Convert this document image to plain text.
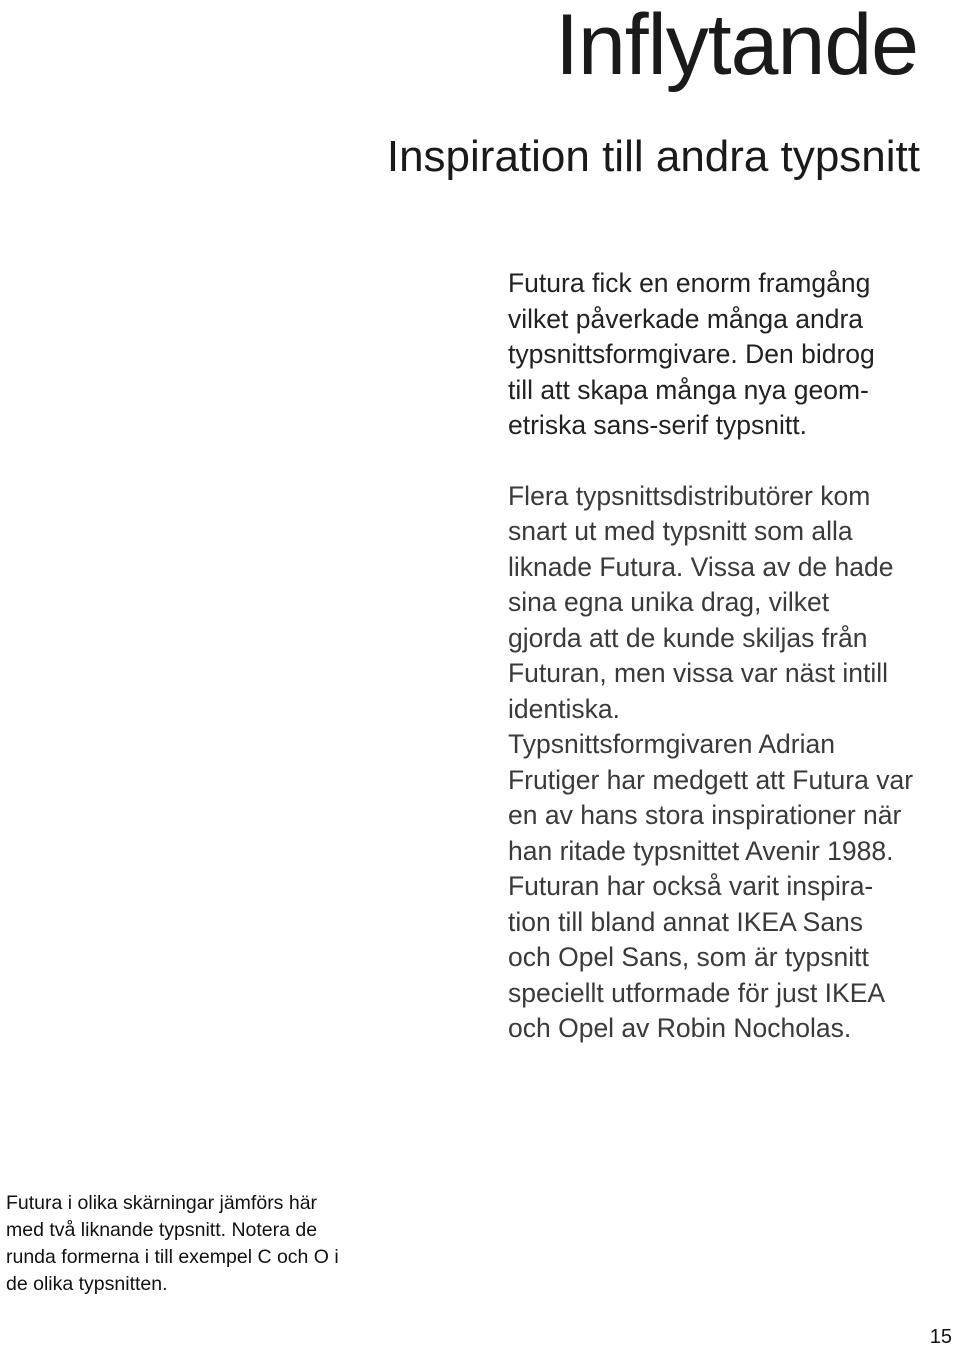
Inflytande
Inspiration till andra typsnitt

Futura fick en enorm framgång
vilket påverkade många andra
typsnittsformgivare. Den bidrog
till att skapa många nya geom-
etriska sans-serif typsnitt.

Flera typsnittsdistributörer kom
snart ut med typsnitt som alla
liknade Futura. Vissa av de hade
sina egna unika drag, vilket
gjorda att de kunde skiljas från
Futuran, men vissa var näst intill
identiska.
Typsnittsformgivaren Adrian
Frutiger har medgett att Futura var
en av hans stora inspirationer när
han ritade typsnittet Avenir 1988.
Futuran har också varit inspira-
tion till bland annat IKEA Sans
och Opel Sans, som är typsnitt
speciellt utformade för just IKEA
och Opel av Robin Nocholas.

Futura i olika skärningar jämförs här
med två liknande typsnitt. Notera de
runda formerna i till exempel C och O i
de olika typsnitten.

15
